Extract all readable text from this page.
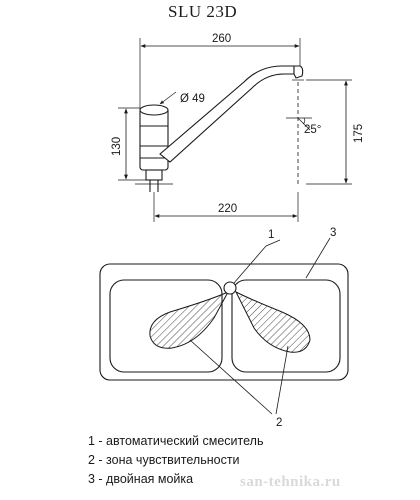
SLU 23D
260
Ø 49
130
175
25°
220
1	3
2
1 - автоматический смеситель
2 - зона чувствительности
3 - двойная мойка	san-tehnika.ru
